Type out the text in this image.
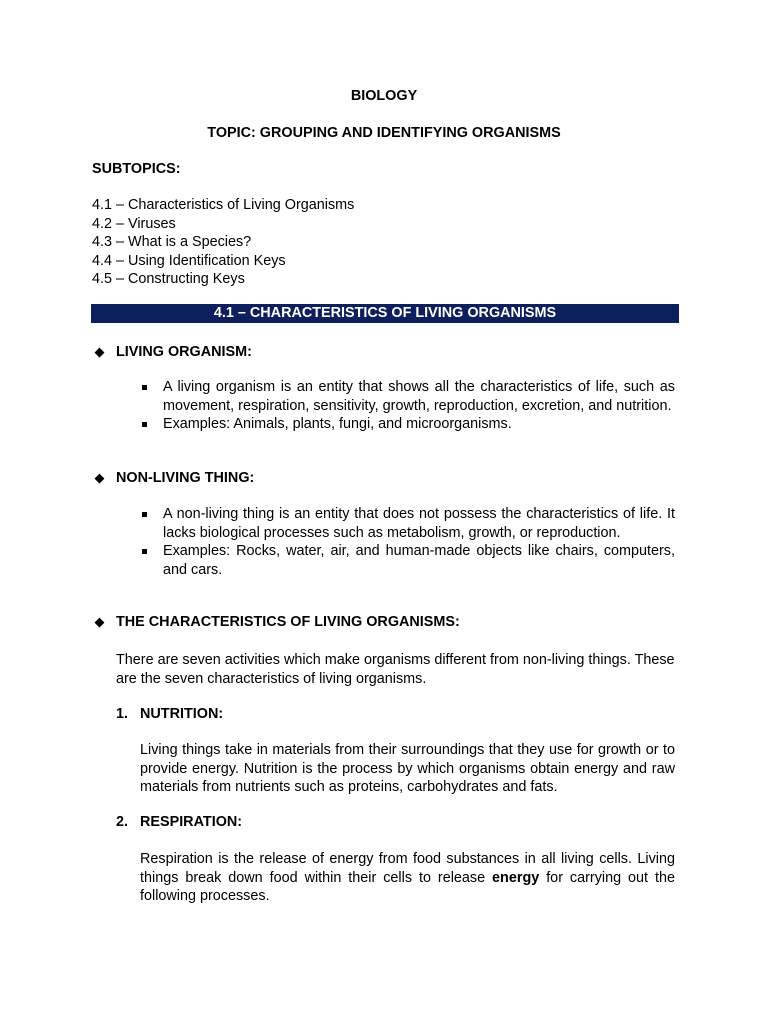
BIOLOGY
TOPIC: GROUPING AND IDENTIFYING ORGANISMS
SUBTOPICS:
4.1 – Characteristics of Living Organisms
4.2 – Viruses
4.3 – What is a Species?
4.4 – Using Identification Keys
4.5 – Constructing Keys
4.1 – CHARACTERISTICS OF LIVING ORGANISMS
◆ LIVING ORGANISM:
A living organism is an entity that shows all the characteristics of life, such as movement, respiration, sensitivity, growth, reproduction, excretion, and nutrition.
Examples: Animals, plants, fungi, and microorganisms.
◆ NON-LIVING THING:
A non-living thing is an entity that does not possess the characteristics of life. It lacks biological processes such as metabolism, growth, or reproduction.
Examples: Rocks, water, air, and human-made objects like chairs, computers, and cars.
◆ THE CHARACTERISTICS OF LIVING ORGANISMS:
There are seven activities which make organisms different from non-living things. These are the seven characteristics of living organisms.
1. NUTRITION:
Living things take in materials from their surroundings that they use for growth or to provide energy. Nutrition is the process by which organisms obtain energy and raw materials from nutrients such as proteins, carbohydrates and fats.
2. RESPIRATION:
Respiration is the release of energy from food substances in all living cells. Living things break down food within their cells to release energy for carrying out the following processes.
